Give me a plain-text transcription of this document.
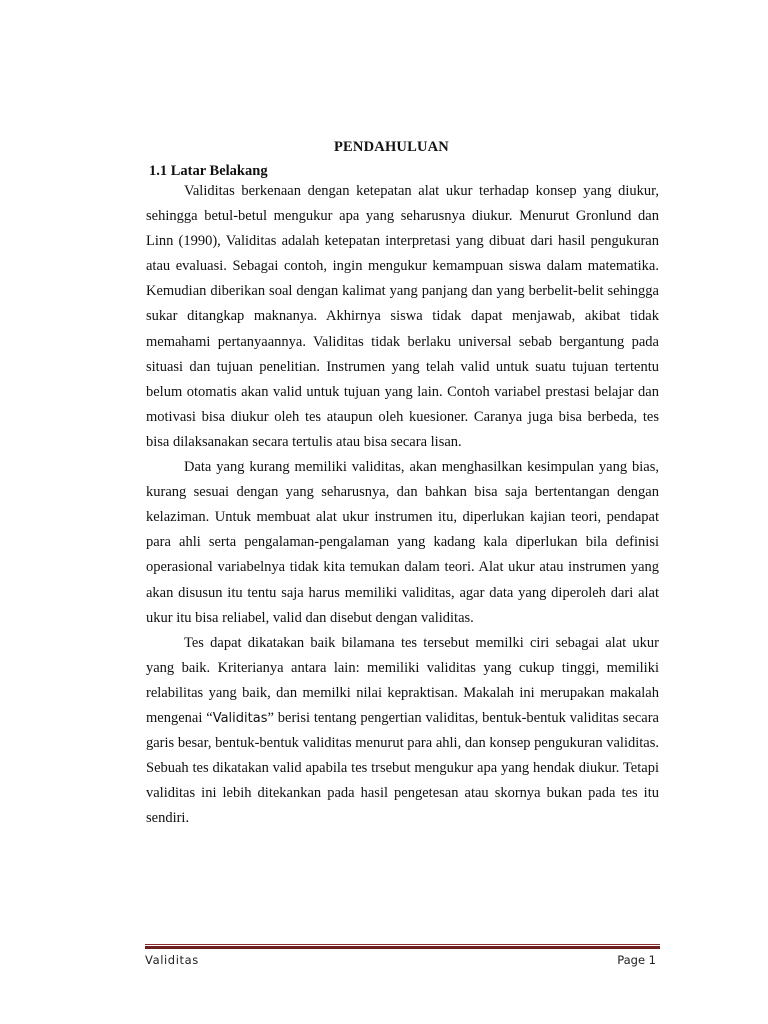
PENDAHULUAN
1.1 Latar Belakang

Validitas berkenaan dengan ketepatan alat ukur terhadap konsep yang diukur, sehingga betul-betul mengukur apa yang seharusnya diukur. Menurut Gronlund dan Linn (1990), Validitas adalah ketepatan interpretasi yang dibuat dari hasil pengukuran atau evaluasi. Sebagai contoh, ingin mengukur kemampuan siswa dalam matematika. Kemudian diberikan soal dengan kalimat yang panjang dan yang berbelit-belit sehingga sukar ditangkap maknanya. Akhirnya siswa tidak dapat menjawab, akibat tidak memahami pertanyaannya. Validitas tidak berlaku universal sebab bergantung pada situasi dan tujuan penelitian. Instrumen yang telah valid untuk suatu tujuan tertentu belum otomatis akan valid untuk tujuan yang lain. Contoh variabel prestasi belajar dan motivasi bisa diukur oleh tes ataupun oleh kuesioner. Caranya juga bisa berbeda, tes bisa dilaksanakan secara tertulis atau bisa secara lisan.

Data yang kurang memiliki validitas, akan menghasilkan kesimpulan yang bias, kurang sesuai dengan yang seharusnya, dan bahkan bisa saja bertentangan dengan kelaziman. Untuk membuat alat ukur instrumen itu, diperlukan kajian teori, pendapat para ahli serta pengalaman-pengalaman yang kadang kala diperlukan bila definisi operasional variabelnya tidak kita temukan dalam teori. Alat ukur atau instrumen yang akan disusun itu tentu saja harus memiliki validitas, agar data yang diperoleh dari alat ukur itu bisa reliabel, valid dan disebut dengan validitas.

Tes dapat dikatakan baik bilamana tes tersebut memilki ciri sebagai alat ukur yang baik. Kriterianya antara lain: memiliki validitas yang cukup tinggi, memiliki relabilitas yang baik, dan memilki nilai kepraktisan. Makalah ini merupakan makalah mengenai “Validitas” berisi tentang pengertian validitas, bentuk-bentuk validitas secara garis besar, bentuk-bentuk validitas menurut para ahli, dan konsep pengukuran validitas. Sebuah tes dikatakan valid apabila tes trsebut mengukur apa yang hendak diukur. Tetapi validitas ini lebih ditekankan pada hasil pengetesan atau skornya bukan pada tes itu sendiri.

Validitas	Page 1
